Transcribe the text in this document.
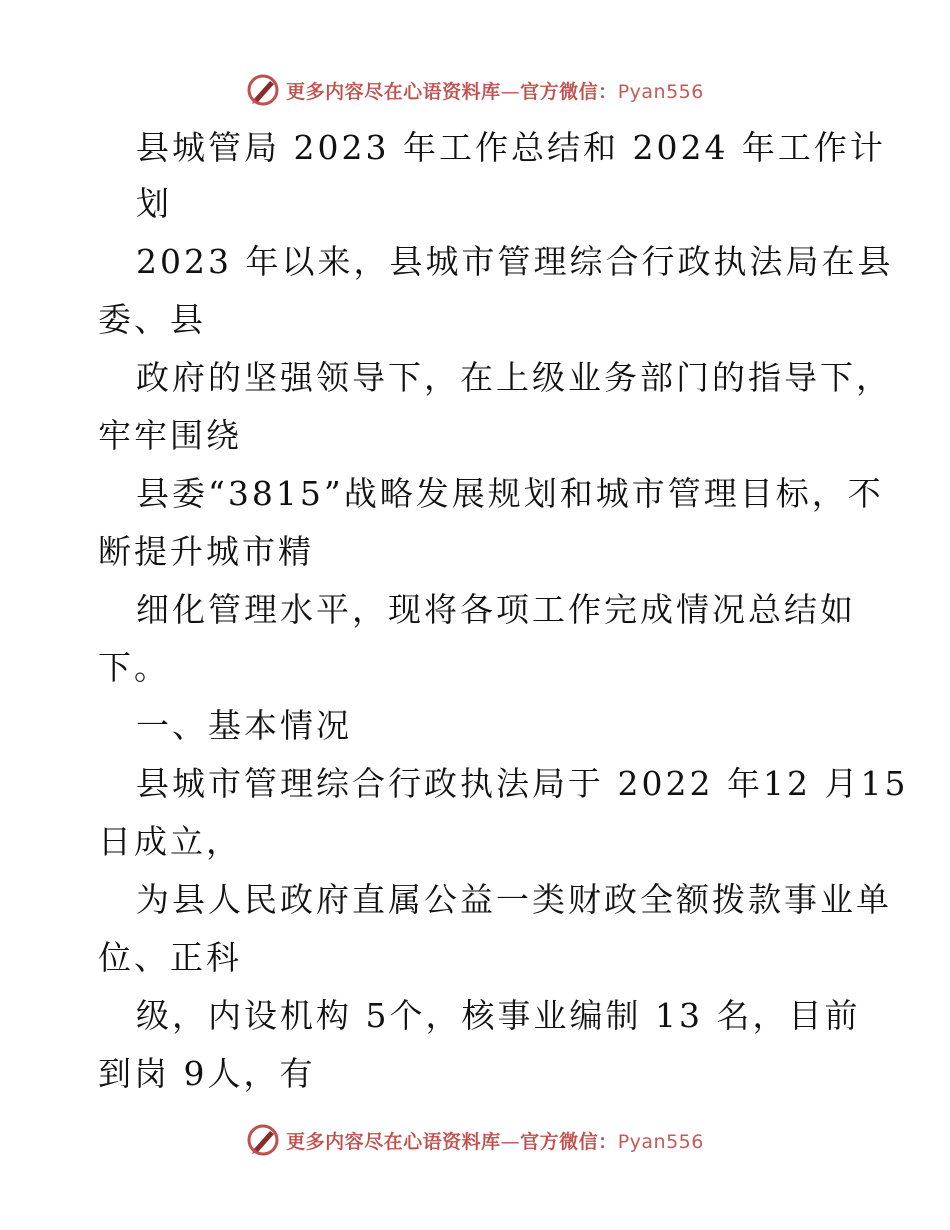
更多内容尽在心语资料库—官方微信：Pyan556
县城管局 2023 年工作总结和 2024 年工作计
划
2023 年以来，县城市管理综合行政执法局在县
委、县
政府的坚强领导下，在上级业务部门的指导下，
牢牢围绕
县委“3815”战略发展规划和城市管理目标，不
断提升城市精
细化管理水平，现将各项工作完成情况总结如
下。
一、基本情况
县城市管理综合行政执法局于 2022 年12 月15
日成立，
为县人民政府直属公益一类财政全额拨款事业单
位、正科
级，内设机构 5个，核事业编制 13 名，目前
到岗 9人，有
更多内容尽在心语资料库—官方微信：Pyan556
